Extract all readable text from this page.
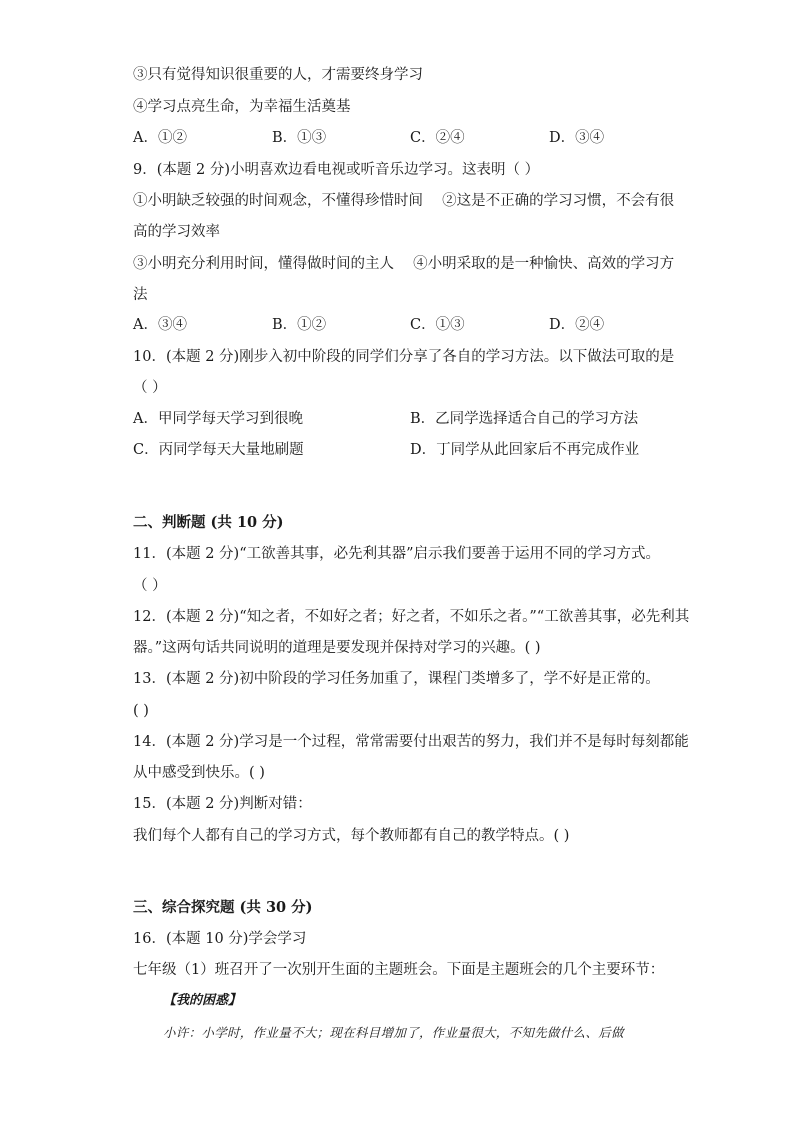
③只有觉得知识很重要的人，才需要终身学习
④学习点亮生命，为幸福生活奠基
A．①②	B．①③	C．②④	D．③④
9．(本题 2 分)小明喜欢边看电视或听音乐边学习。这表明（ ）
①小明缺乏较强的时间观念，不懂得珍惜时间　 ②这是不正确的学习习惯，不会有很
高的学习效率
③小明充分利用时间，懂得做时间的主人　 ④小明采取的是一种愉快、高效的学习方
法
A．③④	B．①②	C．①③	D．②④
10．(本题 2 分)刚步入初中阶段的同学们分享了各自的学习方法。以下做法可取的是
（ ）
A．甲同学每天学习到很晚	B．乙同学选择适合自己的学习方法
C．丙同学每天大量地刷题	D．丁同学从此回家后不再完成作业
二、判断题 (共 10 分)
11．(本题 2 分)“工欲善其事，必先利其器”启示我们要善于运用不同的学习方式。
（ ）
12．(本题 2 分)“知之者，不如好之者；好之者，不如乐之者。”“工欲善其事，必先利其
器。”这两句话共同说明的道理是要发现并保持对学习的兴趣。( )
13．(本题 2 分)初中阶段的学习任务加重了，课程门类增多了，学不好是正常的。
( )
14．(本题 2 分)学习是一个过程，常常需要付出艰苦的努力，我们并不是每时每刻都能
从中感受到快乐。( )
15．(本题 2 分)判断对错：
我们每个人都有自己的学习方式，每个教师都有自己的教学特点。( )
三、综合探究题 (共 30 分)
16．(本题 10 分)学会学习
七年级（1）班召开了一次别开生面的主题班会。下面是主题班会的几个主要环节：
【我的困惑】
小许：小学时，作业量不大；现在科目增加了，作业量很大，不知先做什么、后做
